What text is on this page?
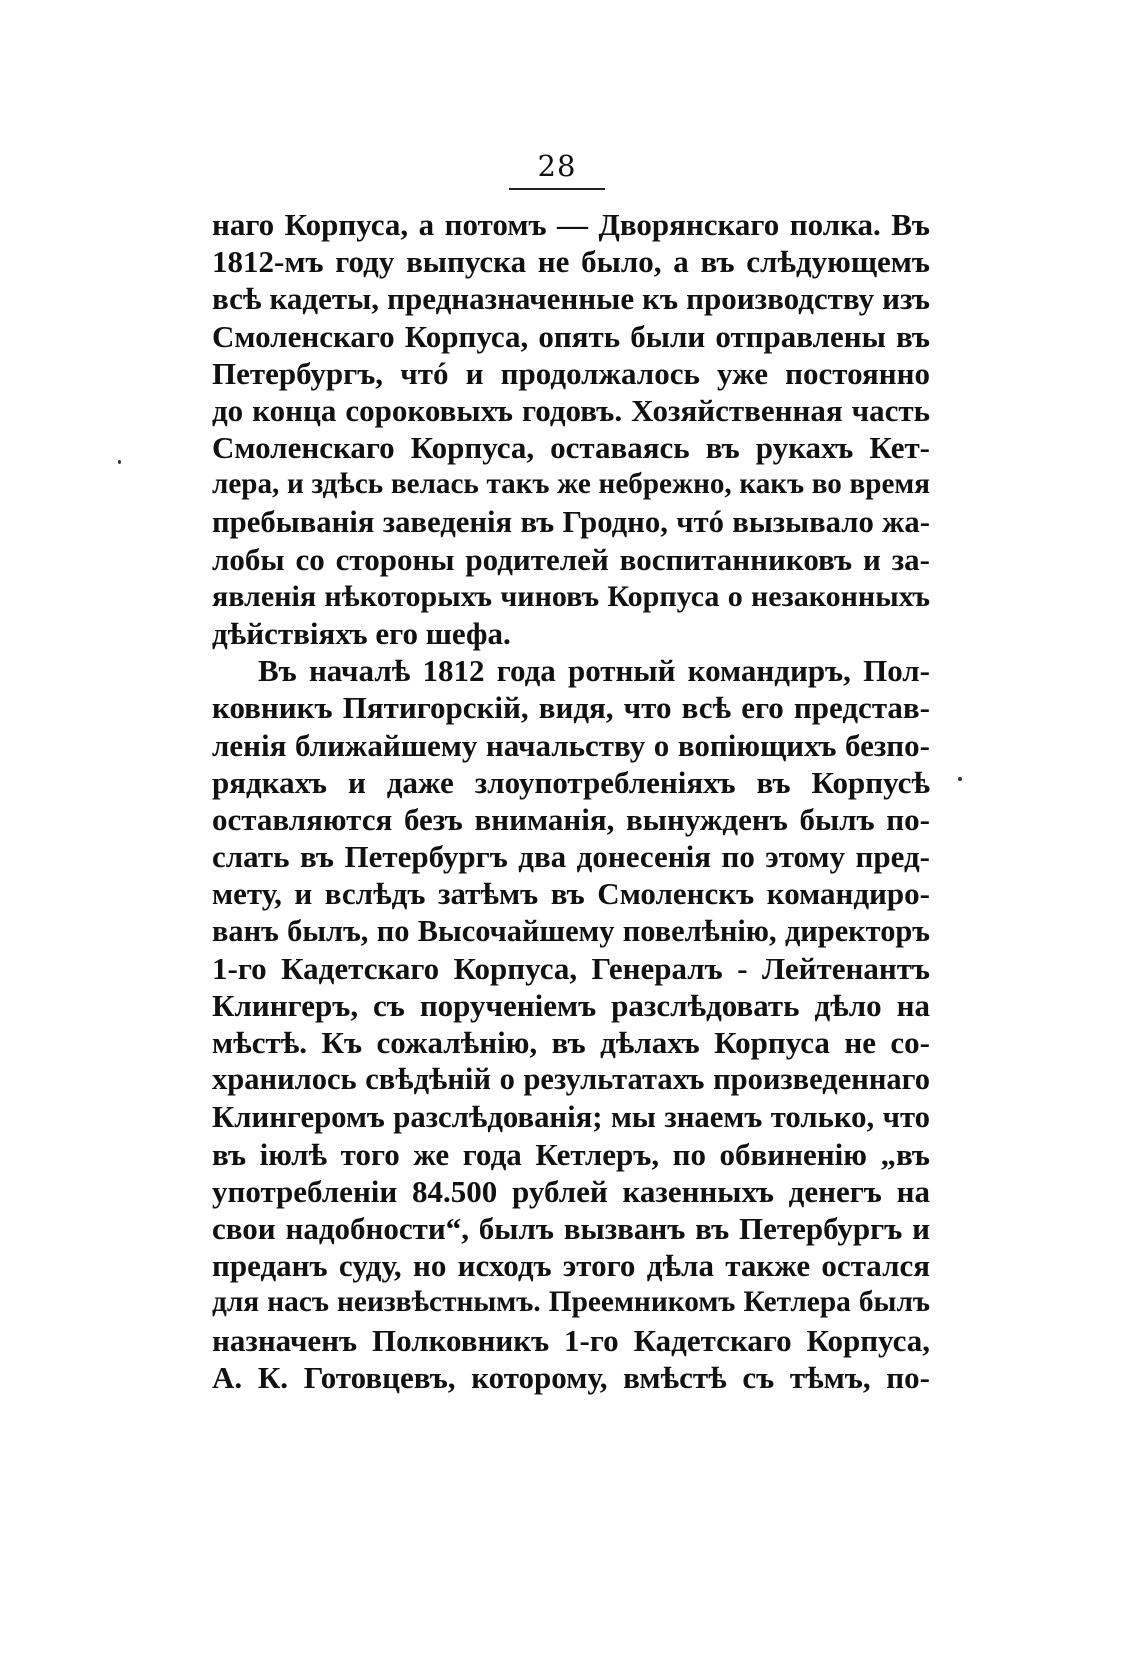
28
наго Корпуса, а потомъ — Дворянскаго полка. Въ
1812-мъ году выпуска не было, а въ слѣдующемъ
всѣ кадеты, предназначенные къ производству изъ
Смоленскаго Корпуса, опять были отправлены въ
Петербургъ, чтó и продолжалось уже постоянно
до конца сороковыхъ годовъ. Хозяйственная часть
Смоленскаго Корпуса, оставаясь въ рукахъ Кет-
лера, и здѣсь велась такъ же небрежно, какъ во время
пребыванія заведенія въ Гродно, чтó вызывало жа-
лобы со стороны родителей воспитанниковъ и за-
явленія нѣкоторыхъ чиновъ Корпуса о незаконныхъ
дѣйствіяхъ его шефа.
Въ началѣ 1812 года ротный командиръ, Пол-
ковникъ Пятигорскій, видя, что всѣ его представ-
ленія ближайшему начальству о вопіющихъ безпо-
рядкахъ и даже злоупотребленіяхъ въ Корпусѣ
оставляются безъ вниманія, вынужденъ былъ по-
слать въ Петербургъ два донесенія по этому пред-
мету, и вслѣдъ затѣмъ въ Смоленскъ командиро-
ванъ былъ, по Высочайшему повелѣнію, директоръ
1-го Кадетскаго Корпуса, Генералъ - Лейтенантъ
Клингеръ, съ порученіемъ разслѣдовать дѣло на
мѣстѣ. Къ сожалѣнію, въ дѣлахъ Корпуса не со-
хранилось свѣдѣній о результатахъ произведеннаго
Клингеромъ разслѣдованія; мы знаемъ только, что
въ іюлѣ того же года Кетлеръ, по обвиненію „въ
употребленіи 84.500 рублей казенныхъ денегъ на
свои надобности“, былъ вызванъ въ Петербургъ и
преданъ суду, но исходъ этого дѣла также остался
для насъ неизвѣстнымъ. Преемникомъ Кетлера былъ
назначенъ Полковникъ 1-го Кадетскаго Корпуса,
А. К. Готовцевъ, которому, вмѣстѣ съ тѣмъ, по-
